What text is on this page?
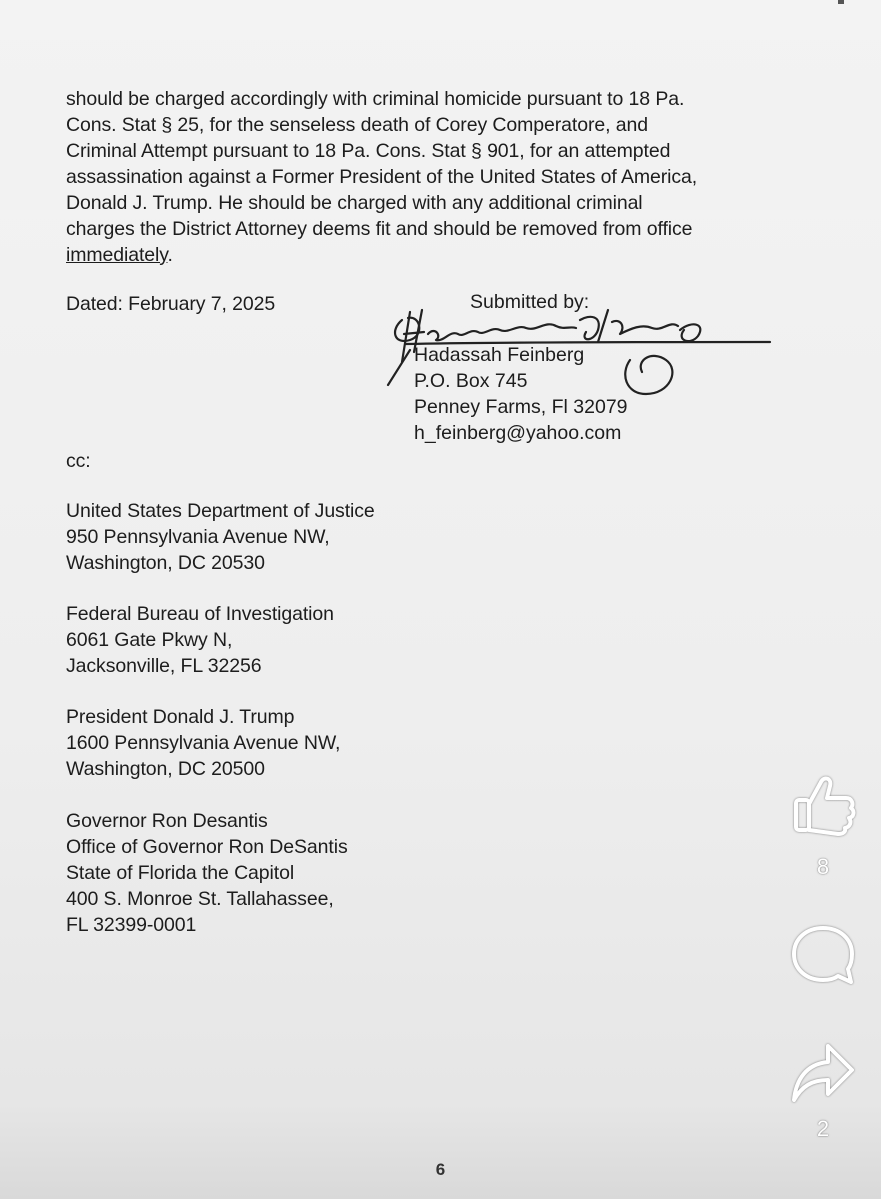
should be charged accordingly with criminal homicide pursuant to 18 Pa.
Cons. Stat § 25, for the senseless death of Corey Comperatore, and
Criminal Attempt pursuant to 18 Pa. Cons. Stat § 901, for an attempted
assassination against a Former President of the United States of America,
Donald J. Trump. He should be charged with any additional criminal
charges the District Attorney deems fit and should be removed from office
immediately.
Dated: February 7, 2025	Submitted by:
Hadassah Feinberg
P.O. Box 745
Penney Farms, Fl 32079
h_feinberg@yahoo.com
cc:
United States Department of Justice
950 Pennsylvania Avenue NW,
Washington, DC 20530
Federal Bureau of Investigation
6061 Gate Pkwy N,
Jacksonville, FL 32256
President Donald J. Trump
1600 Pennsylvania Avenue NW,
Washington, DC 20500
Governor Ron Desantis
Office of Governor Ron DeSantis
State of Florida the Capitol
400 S. Monroe St. Tallahassee,
FL 32399-0001
6
8
2
